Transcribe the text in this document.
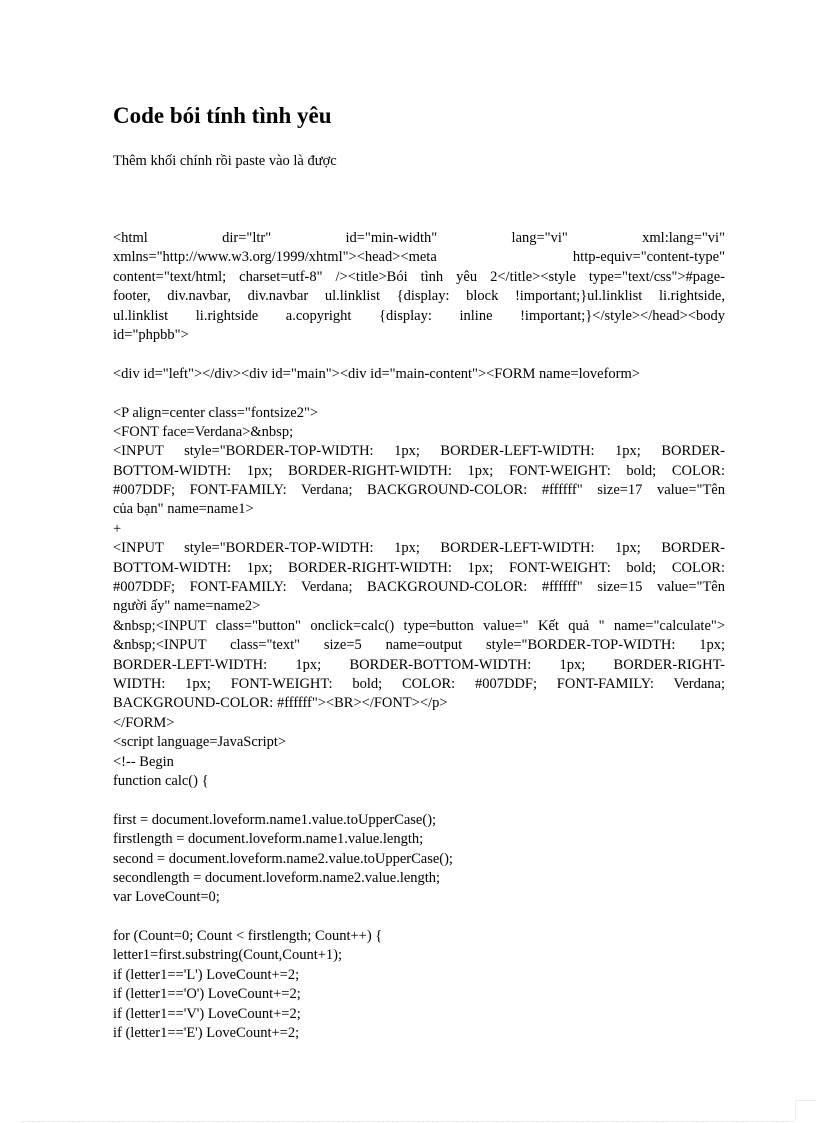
Code bói tính tình yêu

Thêm khối chính rồi paste vào là được

<html dir="ltr" id="min-width" lang="vi" xml:lang="vi"
xmlns="http://www.w3.org/1999/xhtml"><head><meta http-equiv="content-type"
content="text/html; charset=utf-8" /><title>Bói tình yêu 2</title><style type="text/css">#page-
footer, div.navbar, div.navbar ul.linklist {display: block !important;}ul.linklist li.rightside,
ul.linklist li.rightside a.copyright {display: inline !important;}</style></head><body
id="phpbb">
<div id="left"></div><div id="main"><div id="main-content"><FORM name=loveform>
<P align=center class="fontsize2">
<FONT face=Verdana>&nbsp;
<INPUT style="BORDER-TOP-WIDTH: 1px; BORDER-LEFT-WIDTH: 1px; BORDER-
BOTTOM-WIDTH: 1px; BORDER-RIGHT-WIDTH: 1px; FONT-WEIGHT: bold; COLOR:
#007DDF; FONT-FAMILY: Verdana; BACKGROUND-COLOR: #ffffff" size=17 value="Tên
của bạn" name=name1>
+
<INPUT style="BORDER-TOP-WIDTH: 1px; BORDER-LEFT-WIDTH: 1px; BORDER-
BOTTOM-WIDTH: 1px; BORDER-RIGHT-WIDTH: 1px; FONT-WEIGHT: bold; COLOR:
#007DDF; FONT-FAMILY: Verdana; BACKGROUND-COLOR: #ffffff" size=15 value="Tên
người ấy" name=name2>
&nbsp;<INPUT class="button" onclick=calc() type=button value=" Kết quả " name="calculate">
&nbsp;<INPUT class="text" size=5 name=output style="BORDER-TOP-WIDTH: 1px;
BORDER-LEFT-WIDTH: 1px; BORDER-BOTTOM-WIDTH: 1px; BORDER-RIGHT-
WIDTH: 1px; FONT-WEIGHT: bold; COLOR: #007DDF; FONT-FAMILY: Verdana;
BACKGROUND-COLOR: #ffffff"><BR></FONT></p>
</FORM>
<script language=JavaScript>
<!-- Begin
function calc() {
first = document.loveform.name1.value.toUpperCase();
firstlength = document.loveform.name1.value.length;
second = document.loveform.name2.value.toUpperCase();
secondlength = document.loveform.name2.value.length;
var LoveCount=0;
for (Count=0; Count < firstlength; Count++) {
letter1=first.substring(Count,Count+1);
if (letter1=='L') LoveCount+=2;
if (letter1=='O') LoveCount+=2;
if (letter1=='V') LoveCount+=2;
if (letter1=='E') LoveCount+=2;
